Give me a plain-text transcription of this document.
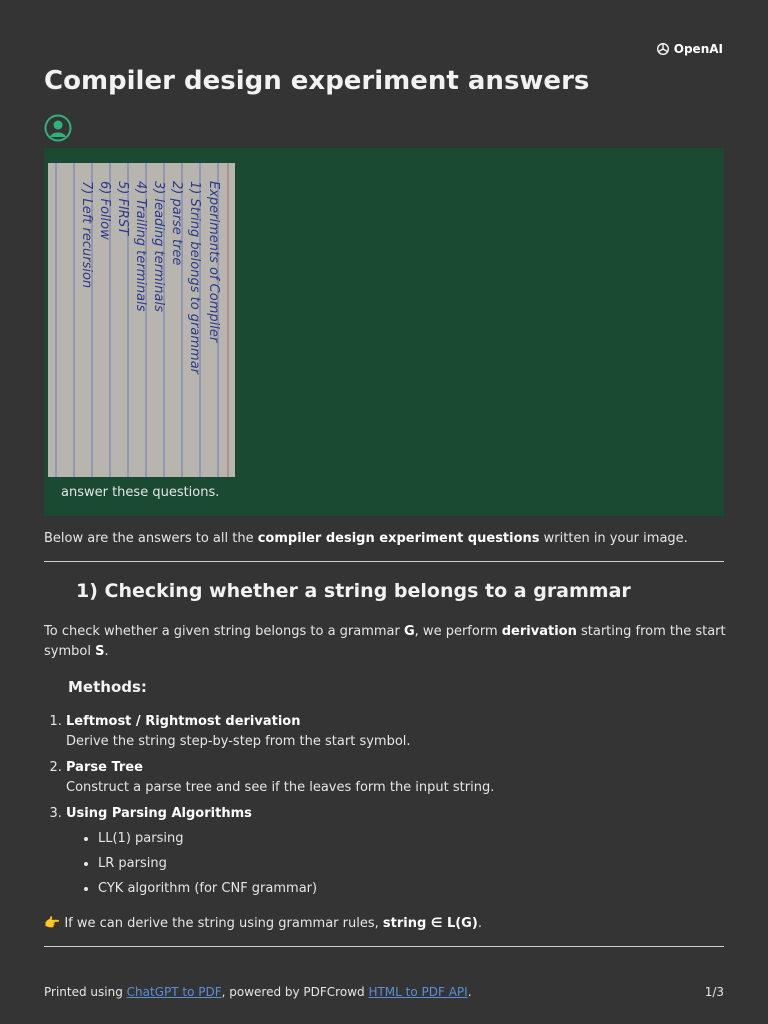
OpenAI
Compiler design experiment answers
Experiments of Compiler
1) String belongs to grammar
2) parse tree
3) leading terminals
4) Trailing terminals
5) FIRST
6) Follow
7) Left recursion
answer these questions.
Below are the answers to all the compiler design experiment questions written in your image.
1) Checking whether a string belongs to a grammar
To check whether a given string belongs to a grammar G, we perform derivation starting from the start symbol S.
Methods:
1. Leftmost / Rightmost derivation
Derive the string step-by-step from the start symbol.
2. Parse Tree
Construct a parse tree and see if the leaves form the input string.
3. Using Parsing Algorithms
• LL(1) parsing
• LR parsing
• CYK algorithm (for CNF grammar)
👉 If we can derive the string using grammar rules, string ∈ L(G).
Printed using ChatGPT to PDF, powered by PDFCrowd HTML to PDF API.	1/3
